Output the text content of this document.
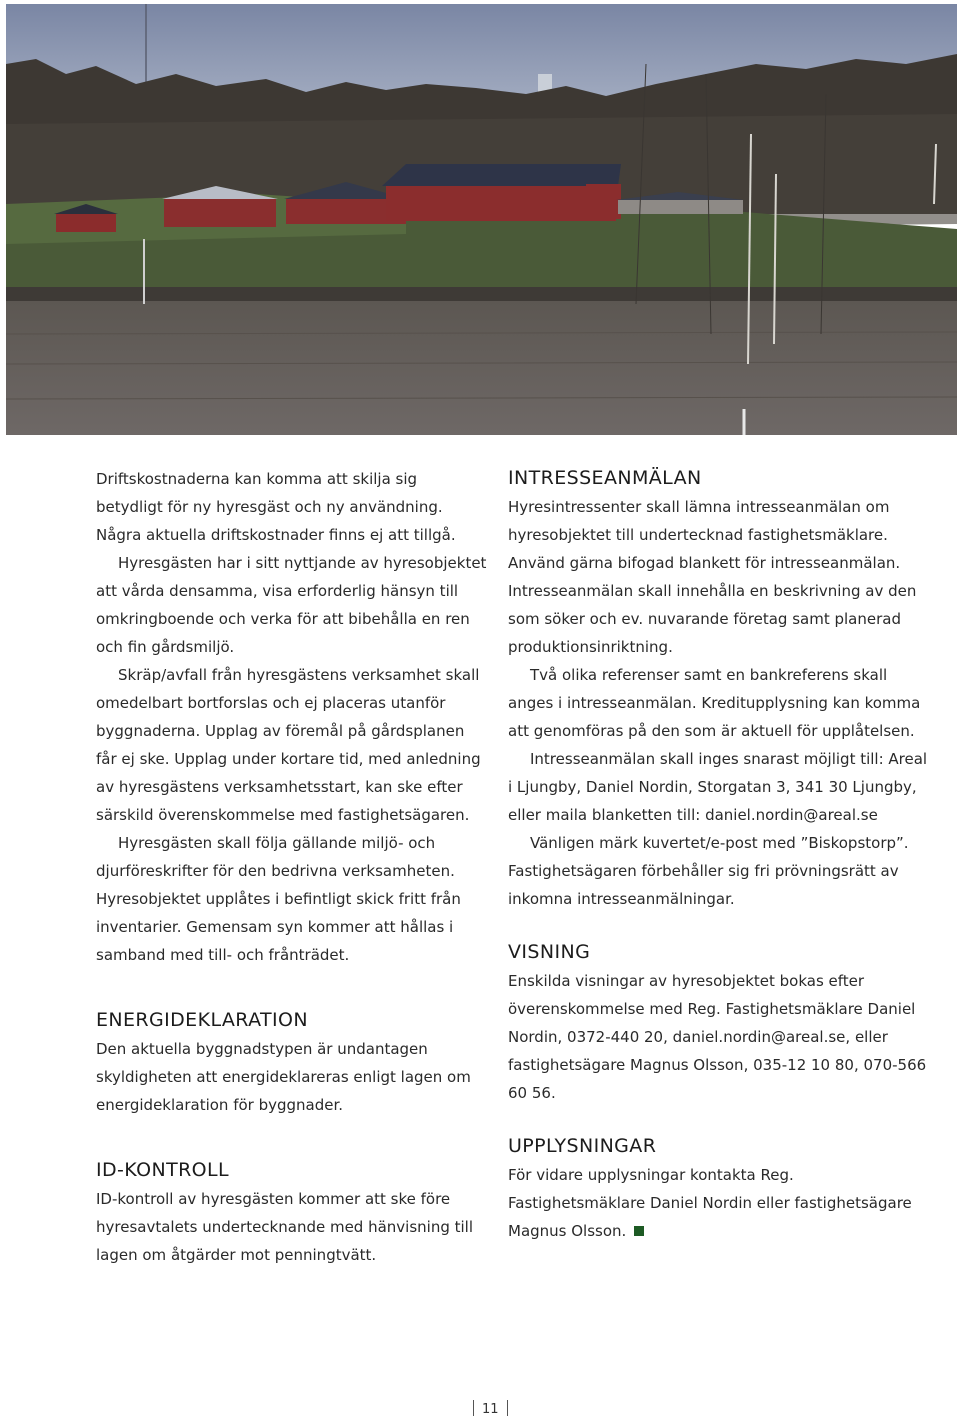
Driftskostnaderna kan komma att skilja sig betydligt för ny hyresgäst och ny användning. Några aktuella driftskostnader finns ej att tillgå.

Hyresgästen har i sitt nyttjande av hyresobjektet att vårda densamma, visa erforderlig hänsyn till omkringboende och verka för att bibehålla en ren och fin gårdsmiljö.

Skräp/avfall från hyresgästens verksamhet skall omedelbart bortforslas och ej placeras utanför byggnaderna. Upplag av föremål på gårdsplanen får ej ske. Upplag under kortare tid, med anledning av hyresgästens verksamhetsstart, kan ske efter särskild överenskommelse med fastighetsägaren.

Hyresgästen skall följa gällande miljö- och djurföreskrifter för den bedrivna verksamheten. Hyresobjektet upplåtes i befintligt skick fritt från inventarier. Gemensam syn kommer att hållas i samband med till- och frånträdet.

ENERGIDEKLARATION

Den aktuella byggnadstypen är undantagen skyldigheten att energideklareras enligt lagen om energideklaration för byggnader.

ID-KONTROLL

ID-kontroll av hyresgästen kommer att ske före hyresavtalets undertecknande med hänvisning till lagen om åtgärder mot penningtvätt.

INTRESSEANMÄLAN

Hyresintressenter skall lämna intresseanmälan om hyresobjektet till undertecknad fastighetsmäklare. Använd gärna bifogad blankett för intresseanmälan. Intresseanmälan skall innehålla en beskrivning av den som söker och ev. nuvarande företag samt planerad produktionsinriktning.

Två olika referenser samt en bankreferens skall anges i intresseanmälan. Kreditupplysning kan komma att genomföras på den som är aktuell för upplåtelsen.

Intresseanmälan skall inges snarast möjligt till: Areal i Ljungby, Daniel Nordin, Storgatan 3, 341 30 Ljungby, eller maila blanketten till: daniel.nordin@areal.se

Vänligen märk kuvertet/e-post med ”Biskopstorp”. Fastighetsägaren förbehåller sig fri prövningsrätt av inkomna intresseanmälningar.

VISNING

Enskilda visningar av hyresobjektet bokas efter överenskommelse med Reg. Fastighetsmäklare Daniel Nordin, 0372-440 20, daniel.nordin@areal.se, eller fastighetsägare Magnus Olsson, 035-12 10 80, 070-566 60 56.

UPPLYSNINGAR

För vidare upplysningar kontakta Reg. Fastighetsmäklare Daniel Nordin eller fastighetsägare Magnus Olsson.

11
